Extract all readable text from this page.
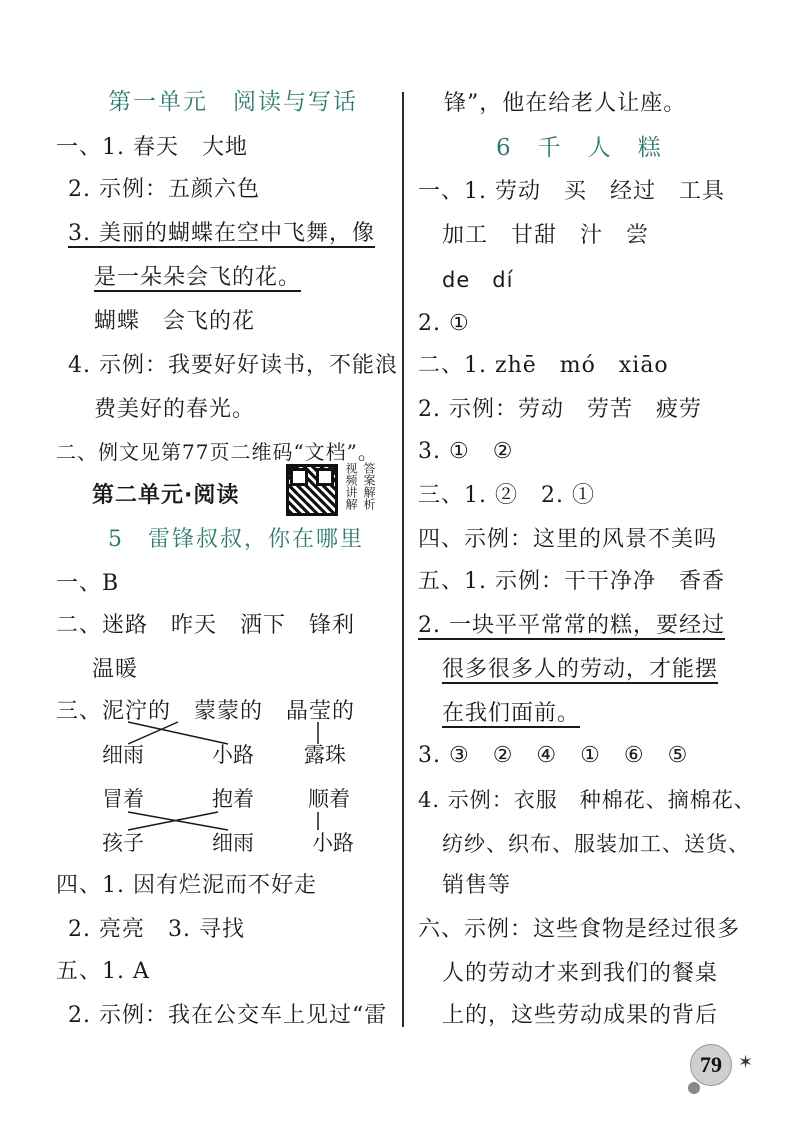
第一单元　阅读与写话
一、1. 春天　大地
2. 示例：五颜六色
3. 美丽的蝴蝶在空中飞舞，像
是一朵朵会飞的花。
蝴蝶　会飞的花
4. 示例：我要好好读书，不能浪
费美好的春光。
二、例文见第77页二维码“文档”。
第二单元·阅读	视频讲解 答案解析
5　雷锋叔叔，你在哪里
一、B
二、迷路　昨天　洒下　锋利
温暖
三、泥泞的　蒙蒙的　晶莹的
细雨	小路 露珠
冒着	抱着	顺着
孩子	细雨	小路
四、1. 因有烂泥而不好走
2. 亮亮　3. 寻找
五、1. A
2. 示例：我在公交车上见过“雷
锋”，他在给老人让座。
6　千　人　糕
一、1. 劳动　买　经过　工具
加工　甘甜　汁　尝
de　dí
2. ①
二、1. zhē　mó　xiāo
2. 示例：劳动　劳苦　疲劳
3. ①　②
三、1. ②　2. ①
四、示例：这里的风景不美吗
五、1. 示例：干干净净　香香
2. 一块平平常常的糕，要经过
很多很多人的劳动，才能摆
在我们面前。
3. ③　②　④　①　⑥　⑤
4. 示例：衣服　种棉花、摘棉花、
纺纱、织布、服装加工、送货、
销售等
六、示例：这些食物是经过很多
人的劳动才来到我们的餐桌
上的，这些劳动成果的背后
79 ✶
